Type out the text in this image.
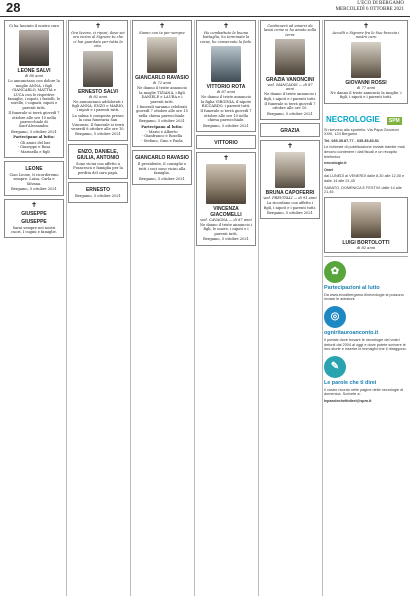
28	L'ECO DI BERGAMO
MERCOLEDÌ 6 OTTOBRE 2021
Ci ha lasciato il nostro caro
LEONE SALVI
di 80 anni
Lo annunciano con dolore la moglie ANNA, i figli GIANCARLO, MATTIA e LUCA con le rispettive famiglie, i nipoti, i fratelli, le sorelle, i cognati, nipoti e parenti tutti.
Il funerale si terrà giovedì 7 ottobre alle ore 10 nella parrocchiale di Sant'Alessandro.
Bergamo, 5 ottobre 2021
Partecipano al lutto:
- Gli amici del bar
- Giuseppe e Rosa
- Marinella e figli
LEONE
Ciao Leone, ti ricorderemo sempre. Luisa, Carla e Silvana.
Bergamo, 5 ottobre 2021
✝
GIUSEPPE
GIUSEPPE
Sarai sempre nei nostri cuori. I cugini e famiglie.
✝
Ora lavora, ci riposi, dove sei ora vicino al Signore tu che ci hai guardato per tutta la vita.
ERNESTO SALVI
di 82 anni
Ne annunciano addolorati i figli ANNA, ENZO e MARIO, i nipoti e i parenti tutti.
La salma è composta presso la casa funeraria San Vincenzo. Il funerale si terrà venerdì 8 ottobre alle ore 10.
Bergamo, 5 ottobre 2021
ENZO, DANIELE, GIULIA, ANTONIO
Sono vicini con affetto a Francesca e famiglia per la perdita del caro papà.
ERNESTO
Bergamo, 5 ottobre 2021
✝
Siamo con te per sempre
GIANCARLO RAVASIO
di 72 anni
Ne danno il triste annuncio la moglie TIZIANA, i figli DANIELE e LAURA e i parenti tutti.
I funerali saranno celebrati giovedì 7 ottobre alle ore 15 nella chiesa parrocchiale.
Bergamo, 5 ottobre 2021
Partecipano al lutto:
- Mario e Alberto
- Gianfranco e Rosella
- Stefano, Gino e Paola
GIANCARLO RAVASIO
Il presidente, il consiglio e tutti i soci sono vicini alla famiglia.
Bergamo, 5 ottobre 2021
✝
Ho combattuto la buona battaglia, ho terminato la corsa, ho conservato la fede.
VITTORIO ROTA
di 87 anni
Ne danno il triste annuncio la figlia VIRGINIA, il nipote RICCARDO, i parenti tutti.
Il funerale si terrà giovedì 7 ottobre alle ore 10 nella chiesa parrocchiale.
Bergamo, 5 ottobre 2021
VITTORIO
✝
VINCENZA GIACOMELLI
ved. CAVAGNA — di 87 anni
Ne danno il triste annuncio i figli, le nuore, i nipoti e i parenti tutti.
Bergamo, 5 ottobre 2021
Continuerò ad amarvi da lassù come vi ho amato sulla terra
GRAZIA VANONCINI
ved. MANCADIS — di 87 anni
Ne danno il triste annuncio i figli, i nipoti e i parenti tutti.
Il funerale si terrà giovedì 7 ottobre alle ore 10.
Bergamo, 5 ottobre 2021
GRAZIA
✝
BRUNA CAPOFERRI
ved. PREVITALI — di 91 anni
La ricordano con affetto i figli, i nipoti e i parenti tutti.
Bergamo, 5 ottobre 2021
✝
Accolti e Signore fra le Sue braccia i nostro caro
GIOVANNI ROSSI
di 77 anni
Ne danno il triste annuncio la moglie, i figli, i nipoti e i parenti tutti.
NECROLOGIE SPM
Si ricevono allo sportello: Via Papa Giovanni XXIII, 124 Bergamo
Tel. 035.35.87.77 - 035.35.83.51
Le richieste di pubblicazione inviate tramite mail, devono contenere i dati fiscali e un recapito telefonico
necrologie.it
Orari
dal LUNEDÌ al VENERDÌ dalle 8,30 alle 12,30 e dalle 14 alle 21,45
SABATO, DOMENICA E FESTIVI dalle 14 alle 21,45
LUIGI BORTOLOTTI
di 82 anni
✿
Partecipazioni al lutto
Da www.ecodibergamo.it/necrologie si possono inviare le adesioni.
◎
ogniritauroanconto.it
Il portale dove trovare le necrologie dei vostri defunti dal 2004 al oggi e dove potete scrivere le loro storie e inserire le immagini che li ritraggono.
✎
Le parole che ti direi
Il vostro ricordo nelle pagine delle necrologie di domenica. Scrivete a:
leparolecheltidirei@spm.it
